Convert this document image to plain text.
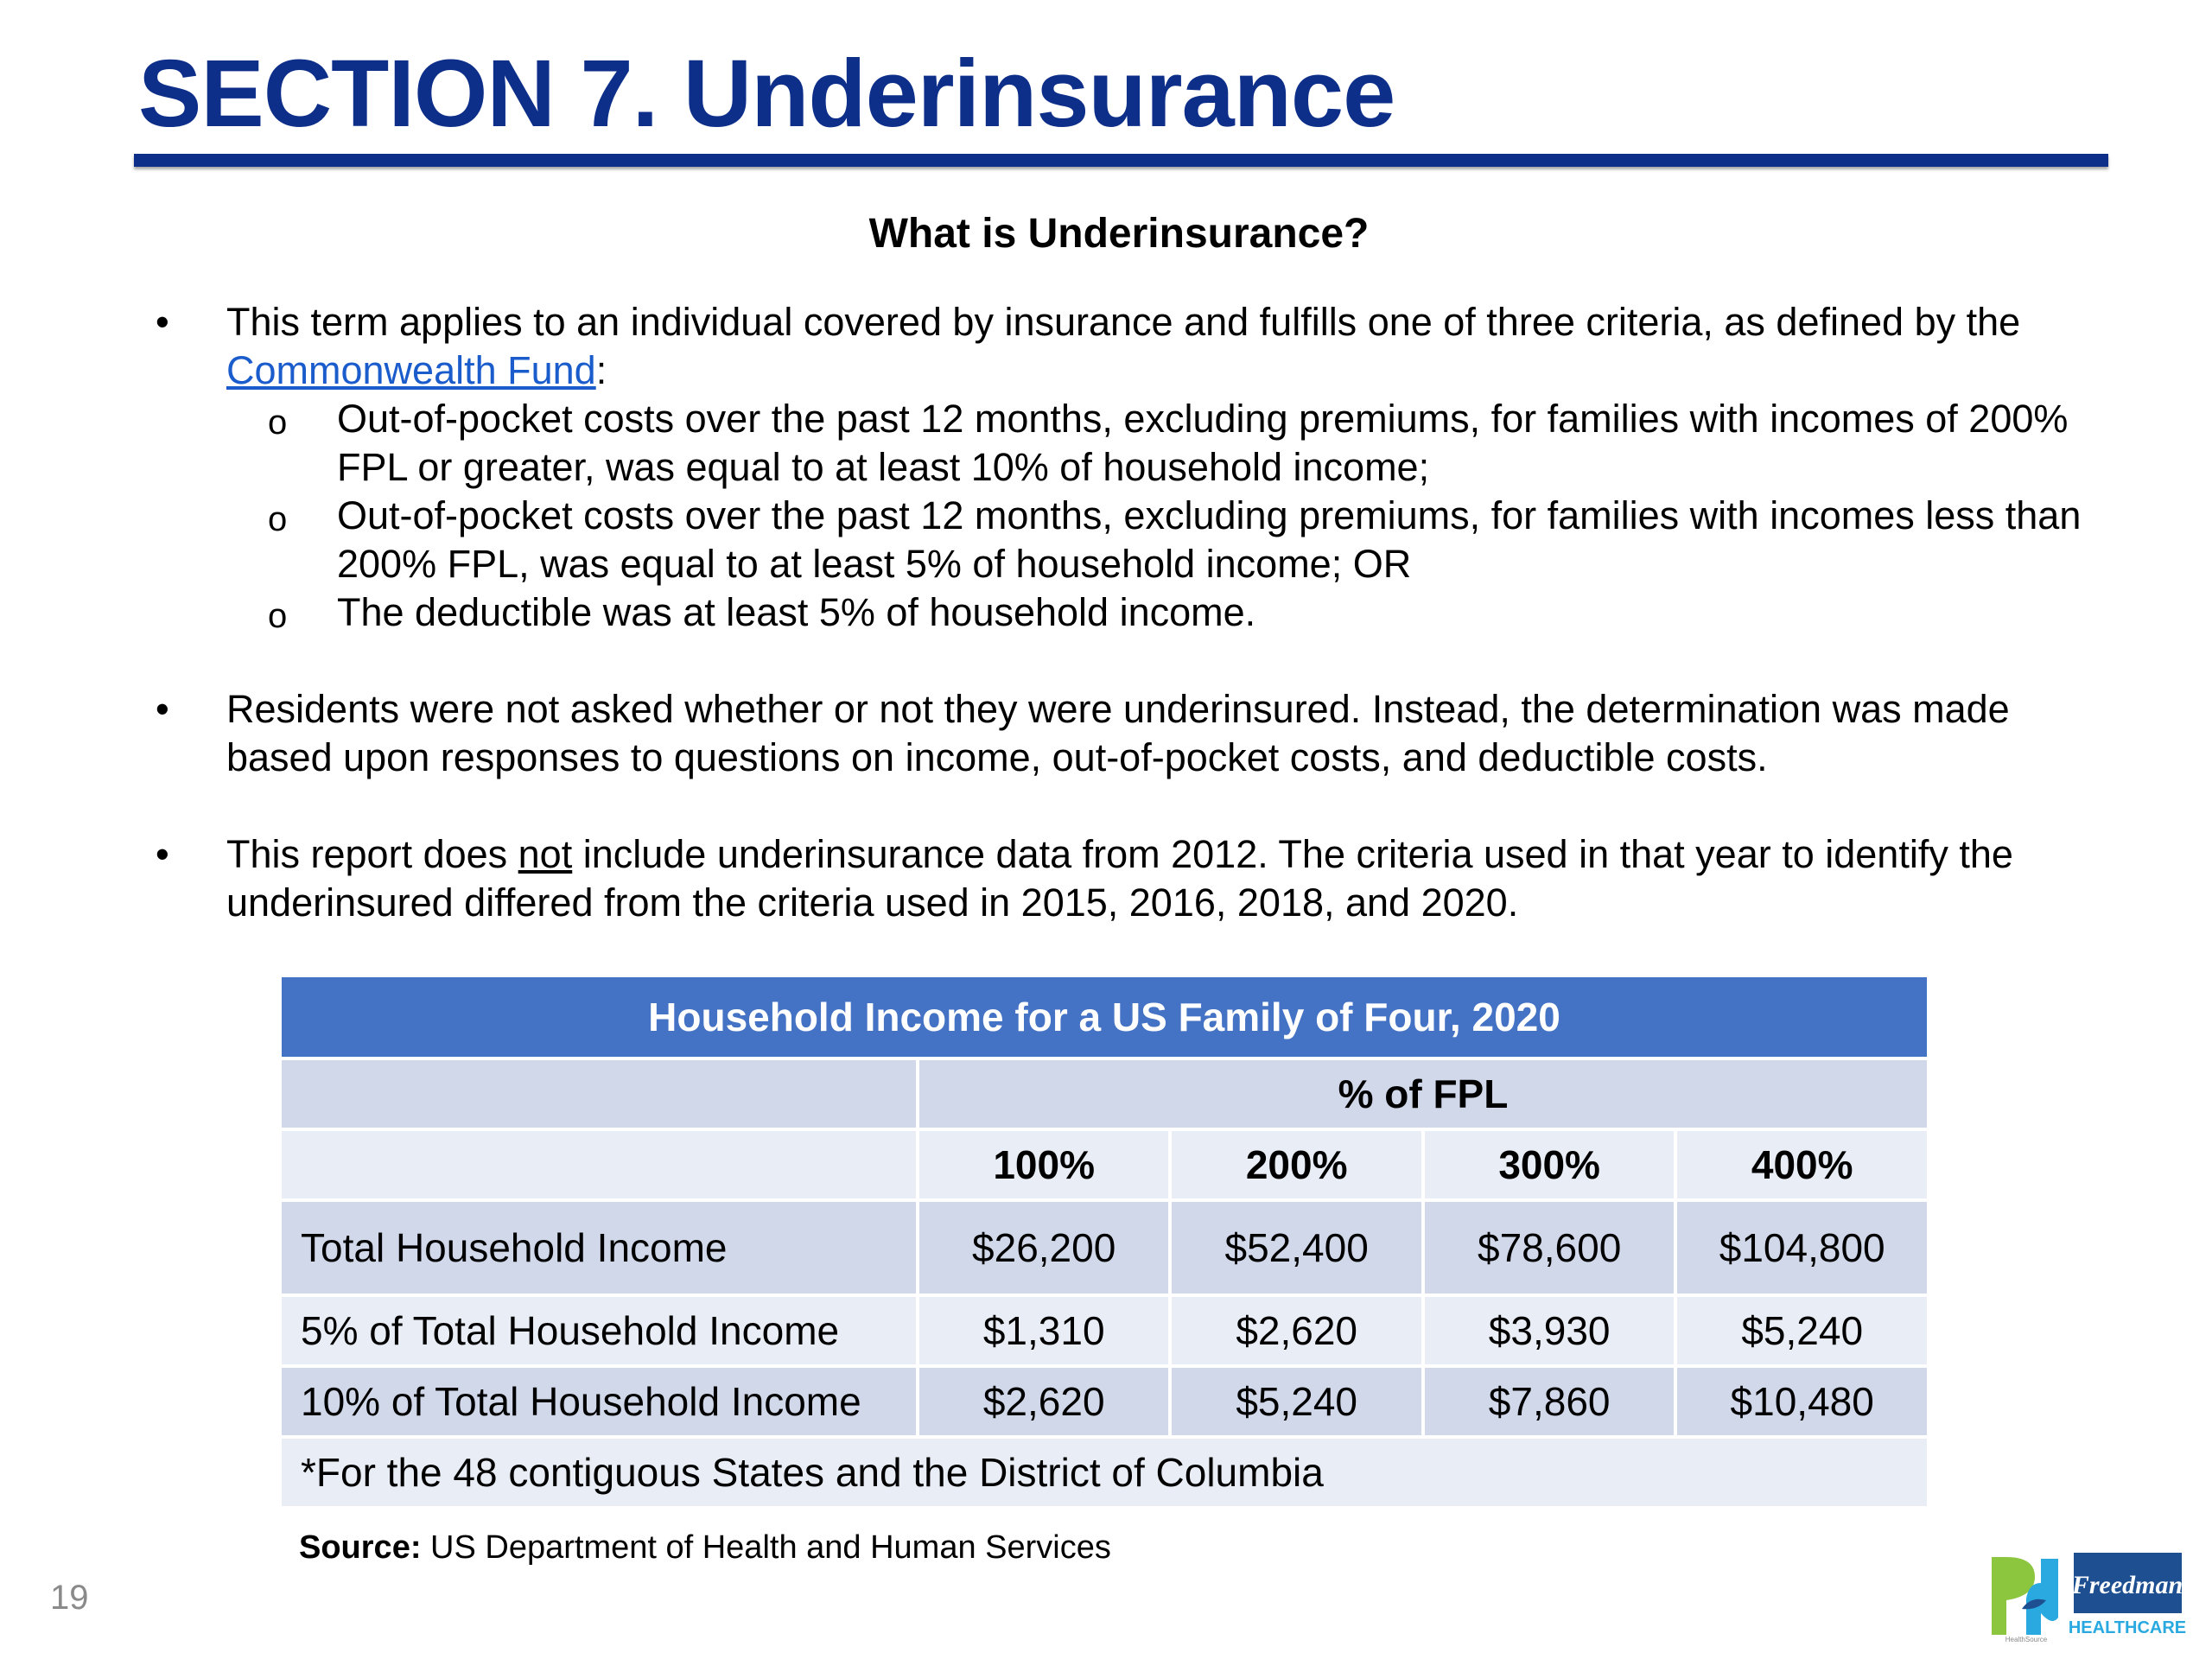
SECTION 7. Underinsurance
What is Underinsurance?
• This term applies to an individual covered by insurance and fulfills one of three criteria, as defined by the Commonwealth Fund:
o Out-of-pocket costs over the past 12 months, excluding premiums, for families with incomes of 200% FPL or greater, was equal to at least 10% of household income;
o Out-of-pocket costs over the past 12 months, excluding premiums, for families with incomes less than 200% FPL, was equal to at least 5% of household income; OR
o The deductible was at least 5% of household income.
• Residents were not asked whether or not they were underinsured. Instead, the determination was made based upon responses to questions on income, out-of-pocket costs, and deductible costs.
• This report does not include underinsurance data from 2012. The criteria used in that year to identify the underinsured differed from the criteria used in 2015, 2016, 2018, and 2020.
Household Income for a US Family of Four, 2020				
	% of FPL			
	100%	200%	300%	400%
Total Household Income	$26,200	$52,400	$78,600	$104,800
5% of Total Household Income	$1,310	$2,620	$3,930	$5,240
10% of Total Household Income	$2,620	$5,240	$7,860	$10,480
*For the 48 contiguous States and the District of Columbia				
Source: US Department of Health and Human Services
19	Freedman
HEALTHCARE
HealthSource
